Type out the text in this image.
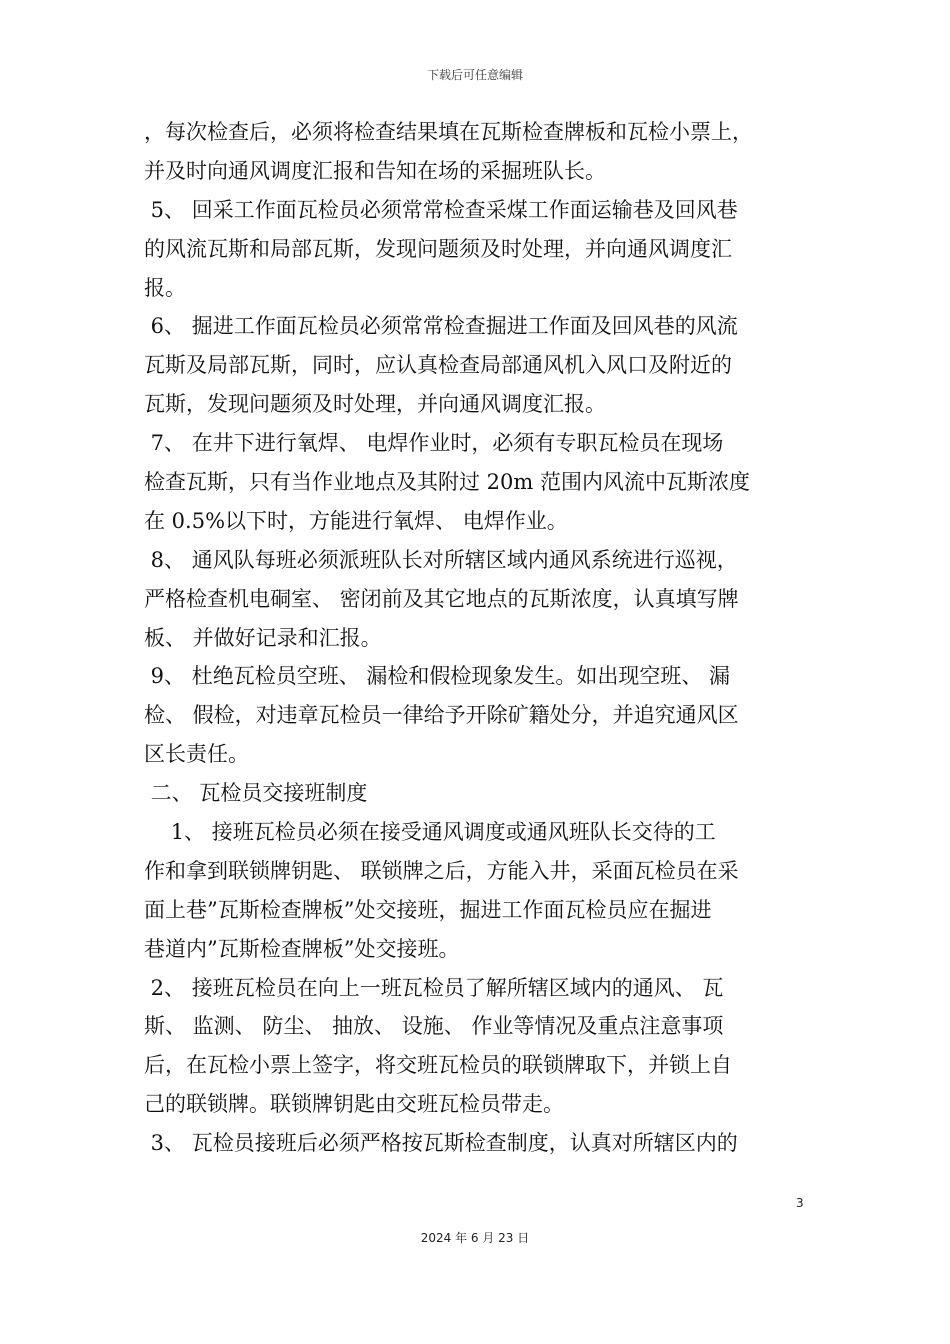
下载后可任意编辑
，每次检查后，必须将检查结果填在瓦斯检查牌板和瓦检小票上，
并及时向通风调度汇报和告知在场的采掘班队长。
5、 回采工作面瓦检员必须常常检查采煤工作面运输巷及回风巷
的风流瓦斯和局部瓦斯，发现问题须及时处理，并向通风调度汇
报。
6、 掘进工作面瓦检员必须常常检查掘进工作面及回风巷的风流
瓦斯及局部瓦斯，同时，应认真检查局部通风机入风口及附近的
瓦斯，发现问题须及时处理，并向通风调度汇报。
7、 在井下进行氧焊、 电焊作业时，必须有专职瓦检员在现场
检查瓦斯，只有当作业地点及其附过 20m 范围内风流中瓦斯浓度
在 0.5%以下时，方能进行氧焊、 电焊作业。
8、 通风队每班必须派班队长对所辖区域内通风系统进行巡视，
严格检查机电硐室、 密闭前及其它地点的瓦斯浓度，认真填写牌
板、 并做好记录和汇报。
9、 杜绝瓦检员空班、 漏检和假检现象发生。如出现空班、 漏
检、 假检，对违章瓦检员一律给予开除矿籍处分，并追究通风区
区长责任。
二、 瓦检员交接班制度
1、 接班瓦检员必须在接受通风调度或通风班队长交待的工
作和拿到联锁牌钥匙、 联锁牌之后，方能入井，采面瓦检员在采
面上巷”瓦斯检查牌板”处交接班，掘进工作面瓦检员应在掘进
巷道内”瓦斯检查牌板”处交接班。
2、 接班瓦检员在向上一班瓦检员了解所辖区域内的通风、 瓦
斯、 监测、 防尘、 抽放、 设施、 作业等情况及重点注意事项
后，在瓦检小票上签字，将交班瓦检员的联锁牌取下，并锁上自
己的联锁牌。联锁牌钥匙由交班瓦检员带走。
3、 瓦检员接班后必须严格按瓦斯检查制度，认真对所辖区内的
3
2024 年 6 月 23 日
